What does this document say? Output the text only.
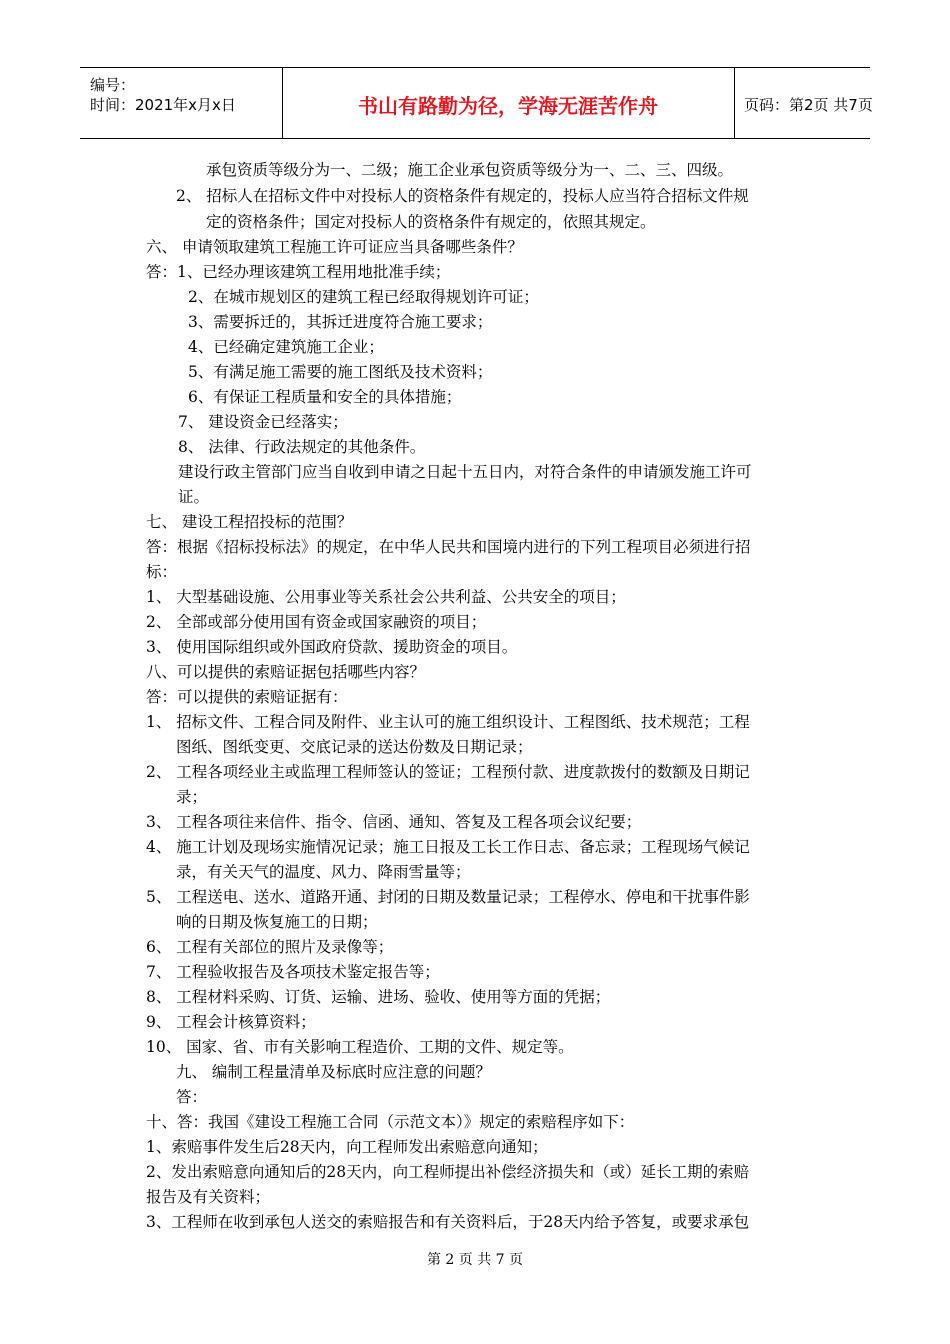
编号：
时间：2021年x月x日	书山有路勤为径，学海无涯苦作舟	页码：第2页 共7页
承包资质等级分为一、二级；施工企业承包资质等级分为一、二、三、四级。
2、 招标人在招标文件中对投标人的资格条件有规定的，投标人应当符合招标文件规
定的资格条件；国定对投标人的资格条件有规定的，依照其规定。
六、 申请领取建筑工程施工许可证应当具备哪些条件？
答：1、已经办理该建筑工程用地批准手续；
2、在城市规划区的建筑工程已经取得规划许可证；
3、需要拆迁的，其拆迁进度符合施工要求；
4、已经确定建筑施工企业；
5、有满足施工需要的施工图纸及技术资料；
6、有保证工程质量和安全的具体措施；
7、 建设资金已经落实；
8、 法律、行政法规定的其他条件。
建设行政主管部门应当自收到申请之日起十五日内，对符合条件的申请颁发施工许可
证。
七、 建设工程招投标的范围？
答：根据《招标投标法》的规定，在中华人民共和国境内进行的下列工程项目必须进行招
标：
1、 大型基础设施、公用事业等关系社会公共利益、公共安全的项目；
2、 全部或部分使用国有资金或国家融资的项目；
3、 使用国际组织或外国政府贷款、援助资金的项目。
八、可以提供的索赔证据包括哪些内容？
答：可以提供的索赔证据有：
1、 招标文件、工程合同及附件、业主认可的施工组织设计、工程图纸、技术规范；工程
图纸、图纸变更、交底记录的送达份数及日期记录；
2、 工程各项经业主或监理工程师签认的签证；工程预付款、进度款拨付的数额及日期记
录；
3、 工程各项往来信件、指令、信函、通知、答复及工程各项会议纪要；
4、 施工计划及现场实施情况记录；施工日报及工长工作日志、备忘录；工程现场气候记
录，有关天气的温度、风力、降雨雪量等；
5、 工程送电、送水、道路开通、封闭的日期及数量记录；工程停水、停电和干扰事件影
响的日期及恢复施工的日期；
6、 工程有关部位的照片及录像等；
7、 工程验收报告及各项技术鉴定报告等；
8、 工程材料采购、订货、运输、进场、验收、使用等方面的凭据；
9、 工程会计核算资料；
10、 国家、省、市有关影响工程造价、工期的文件、规定等。
九、 编制工程量清单及标底时应注意的问题？
答：
十、答：我国《建设工程施工合同（示范文本）》规定的索赔程序如下：
1、索赔事件发生后28天内，向工程师发出索赔意向通知；
2、发出索赔意向通知后的28天内，向工程师提出补偿经济损失和（或）延长工期的索赔
报告及有关资料；
3、工程师在收到承包人送交的索赔报告和有关资料后，于28天内给予答复，或要求承包
第 2 页 共 7 页
